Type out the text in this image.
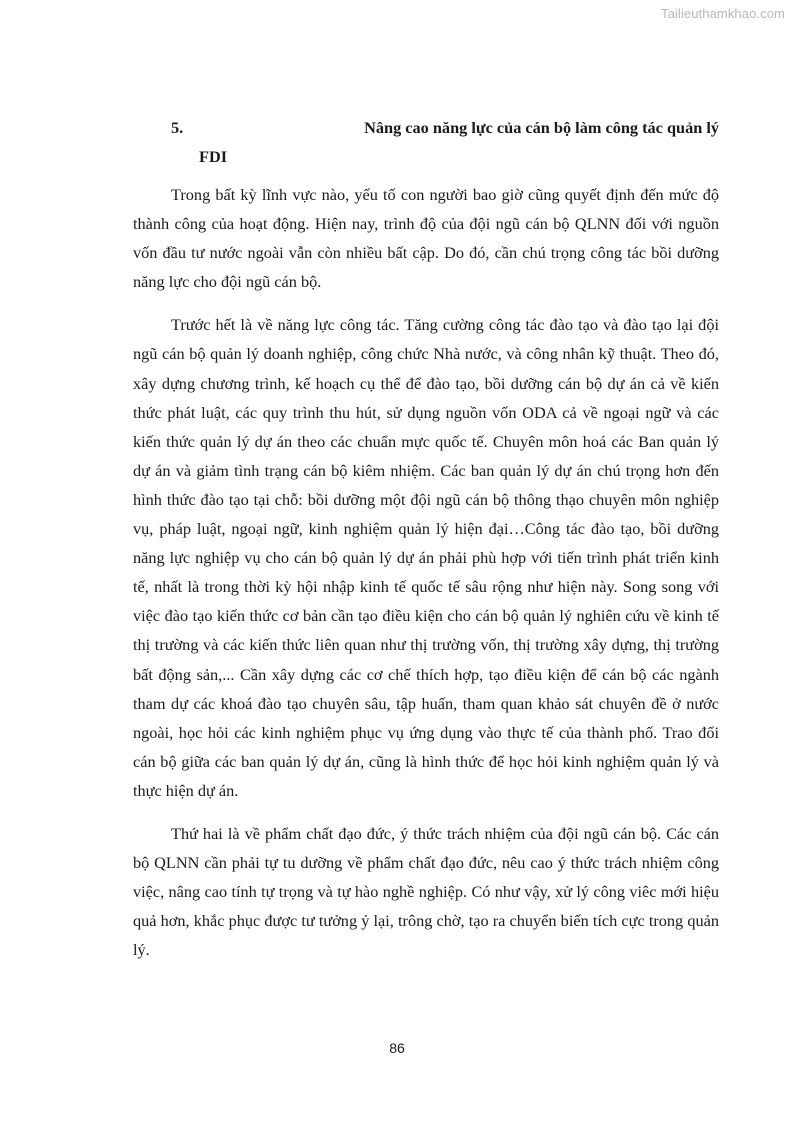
Tailieuthamkhao.com
5.	Nâng cao năng lực của cán bộ làm công tác quản lý
FDI

Trong bất kỳ lĩnh vực nào, yếu tố con người bao giờ cũng quyết định đến mức độ thành công của hoạt động. Hiện nay, trình độ của đội ngũ cán bộ QLNN đối với nguồn vốn đầu tư nước ngoài vẫn còn nhiều bất cập. Do đó, cần chú trọng công tác bồi dưỡng năng lực cho đội ngũ cán bộ.

Trước hết là về năng lực công tác. Tăng cường công tác đào tạo và đào tạo lại đội ngũ cán bộ quản lý doanh nghiệp, công chức Nhà nước, và công nhân kỹ thuật. Theo đó, xây dựng chương trình, kế hoạch cụ thể để đào tạo, bồi dưỡng cán bộ dự án cả về kiến thức phát luật, các quy trình thu hút, sử dụng nguồn vốn ODA cả về ngoại ngữ và các kiến thức quản lý dự án theo các chuẩn mực quốc tế. Chuyên môn hoá các Ban quản lý dự án và giảm tình trạng cán bộ kiêm nhiệm. Các ban quản lý dự án chú trọng hơn đến hình thức đào tạo tại chỗ: bồi dưỡng một đội ngũ cán bộ thông thạo chuyên môn nghiệp vụ, pháp luật, ngoại ngữ, kinh nghiệm quản lý hiện đại…Công tác đào tạo, bồi dưỡng năng lực nghiệp vụ cho cán bộ quản lý dự án phải phù hợp với tiến trình phát triển kinh tế, nhất là trong thời kỳ hội nhập kinh tế quốc tế sâu rộng như hiện này. Song song với việc đào tạo kiến thức cơ bản cần tạo điều kiện cho cán bộ quản lý nghiên cứu về kinh tế thị trường và các kiến thức liên quan như thị trường vốn, thị trường xây dựng, thị trường bất động sản,... Cần xây dựng các cơ chế thích hợp, tạo điều kiện để cán bộ các ngành tham dự các khoá đào tạo chuyên sâu, tập huấn, tham quan khảo sát chuyên đề ở nước ngoài, học hỏi các kinh nghiệm phục vụ ứng dụng vào thực tế của thành phố. Trao đổi cán bộ giữa các ban quản lý dự án, cũng là hình thức để học hỏi kinh nghiệm quản lý và thực hiện dự án.

Thứ hai là về phẩm chất đạo đức, ý thức trách nhiệm của đội ngũ cán bộ. Các cán bộ QLNN cần phải tự tu dưỡng về phẩm chất đạo đức, nêu cao ý thức trách nhiệm công việc, nâng cao tính tự trọng và tự hào nghề nghiệp. Có như vậy, xử lý công viêc mới hiệu quả hơn, khắc phục được tư tưởng ỷ lại, trông chờ, tạo ra chuyển biến tích cực trong quản lý.

86
